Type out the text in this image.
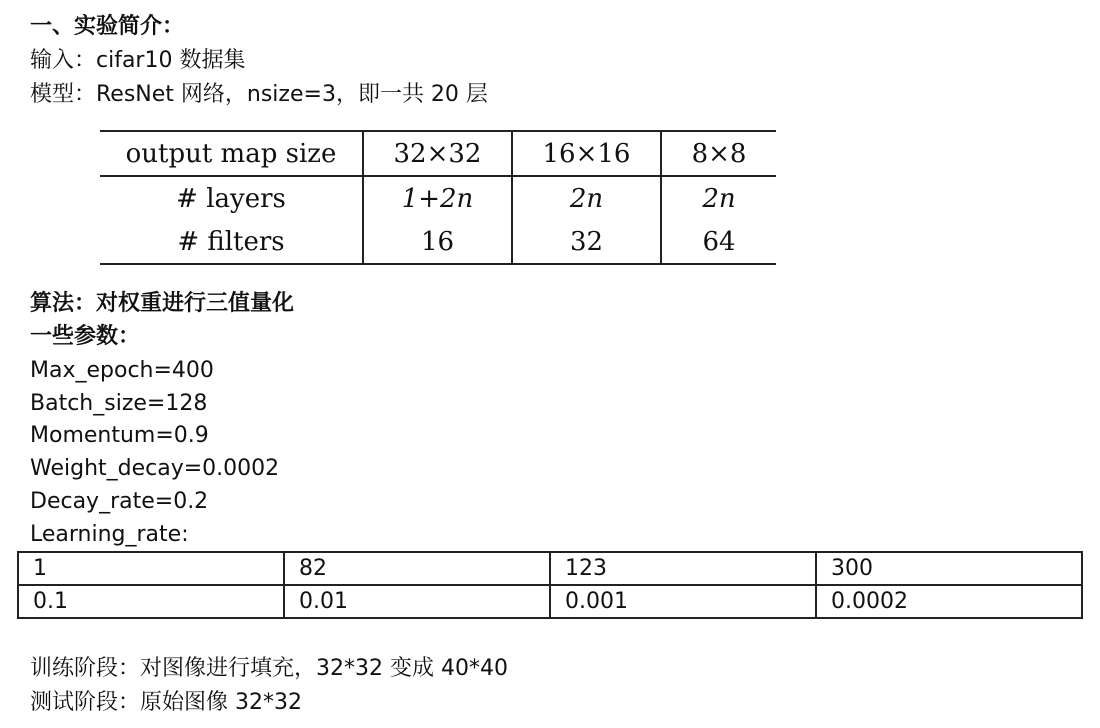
一、实验简介：
输入：cifar10 数据集
模型：ResNet 网络，nsize=3，即一共 20 层
output map size	32×32	16×16	8×8
# layers	1+2n	2n	2n
# filters	16	32	64
算法：对权重进行三值量化
一些参数：
Max_epoch=400
Batch_size=128
Momentum=0.9
Weight_decay=0.0002
Decay_rate=0.2
Learning_rate:
1	82	123	300
0.1	0.01	0.001	0.0002
训练阶段：对图像进行填充，32*32 变成 40*40
测试阶段：原始图像 32*32
